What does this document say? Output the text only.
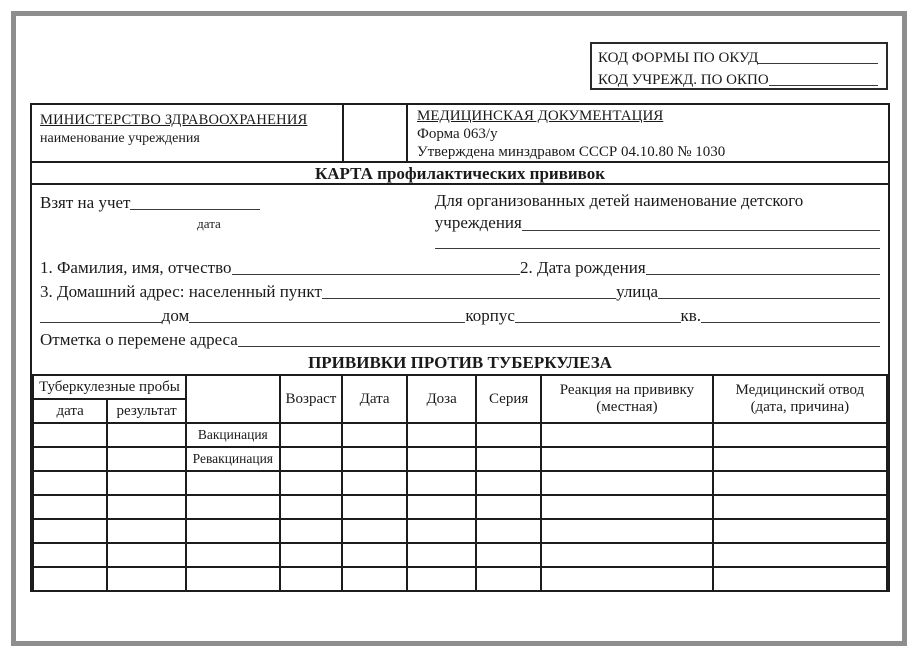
КОД ФОРМЫ ПО ОКУД
КОД УЧРЕЖД. ПО ОКПО
МИНИСТЕРСТВО ЗДРАВООХРАНЕНИЯ
наименование учреждения
МЕДИЦИНСКАЯ ДОКУМЕНТАЦИЯ
Форма 063/у
Утверждена минздравом СССР 04.10.80 № 1030
КАРТА профилактических прививок
Взят на учет
дата
Для организованных детей наименование детского
учреждения
1. Фамилия, имя, отчество	2. Дата рождения
3. Домашний адрес: населенный пункт	улица
дом	корпус	кв.
Отметка о перемене адреса
ПРИВИВКИ ПРОТИВ ТУБЕРКУЛЕЗА
Туберкулезные пробы			Возраст	Дата	Доза	Серия	Реакция на прививку (местная)	Медицинский отвод (дата, причина)
дата	результат							
		Вакцинация						
		Ревакцинация						
